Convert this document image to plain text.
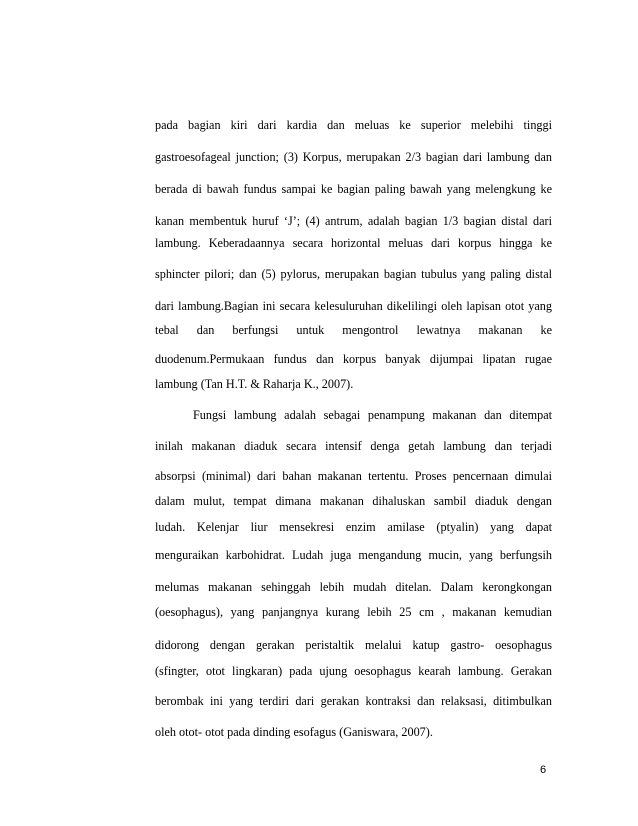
pada bagian kiri dari kardia dan meluas ke superior melebihi tinggi
gastroesofageal junction; (3) Korpus, merupakan 2/3 bagian dari lambung dan
berada di bawah fundus sampai ke bagian paling bawah yang melengkung ke
kanan membentuk huruf ‘J’; (4) antrum, adalah bagian 1/3 bagian distal dari
lambung. Keberadaannya secara horizontal meluas dari korpus hingga ke
sphincter pilori; dan (5) pylorus, merupakan bagian tubulus yang paling distal
dari lambung.Bagian ini secara kelesuluruhan dikelilingi oleh lapisan otot yang
tebal dan berfungsi untuk mengontrol lewatnya makanan ke
duodenum.Permukaan fundus dan korpus banyak dijumpai lipatan rugae
lambung (Tan H.T. & Raharja K., 2007).
Fungsi lambung adalah sebagai penampung makanan dan ditempat
inilah makanan diaduk secara intensif denga getah lambung dan terjadi
absorpsi (minimal) dari bahan makanan tertentu. Proses pencernaan dimulai
dalam mulut, tempat dimana makanan dihaluskan sambil diaduk dengan
ludah. Kelenjar liur mensekresi enzim amilase (ptyalin) yang dapat
menguraikan karbohidrat. Ludah juga mengandung mucin, yang berfungsih
melumas makanan sehinggah lebih mudah ditelan. Dalam kerongkongan
(oesophagus), yang panjangnya kurang lebih 25 cm , makanan kemudian
didorong dengan gerakan peristaltik melalui katup gastro- oesophagus
(sfingter, otot lingkaran) pada ujung oesophagus kearah lambung. Gerakan
berombak ini yang terdiri dari gerakan kontraksi dan relaksasi, ditimbulkan
oleh otot- otot pada dinding esofagus (Ganiswara, 2007).
6
